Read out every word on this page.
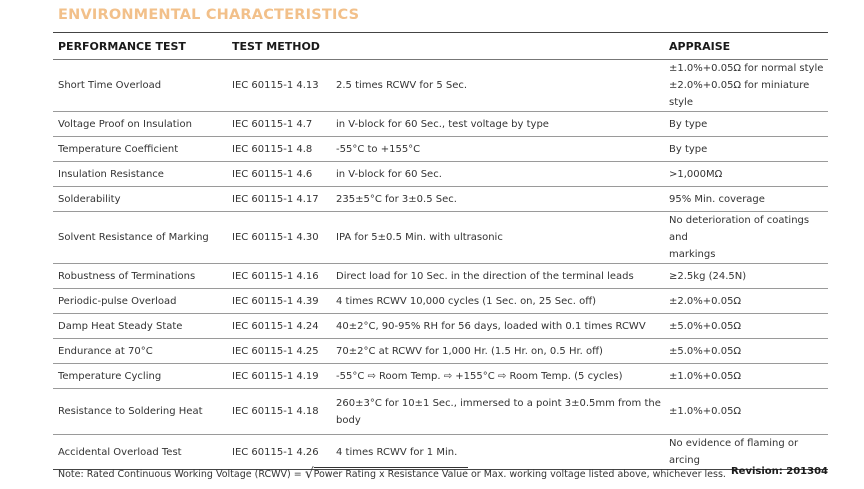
ENVIRONMENTAL CHARACTERISTICS
PERFORMANCE TEST	TEST METHOD		APPRAISE
Short Time Overload	IEC 60115-1 4.13	2.5 times RCWV for 5 Sec.	±1.0%+0.05Ω for normal style
±2.0%+0.05Ω for miniature style

Voltage Proof on Insulation	IEC 60115-1 4.7	in V-block for 60 Sec., test voltage by type	By type

Temperature Coefficient	IEC 60115-1 4.8	-55°C to +155°C	By type

Insulation Resistance	IEC 60115-1 4.6	in V-block for 60 Sec.	>1,000MΩ

Solderability	IEC 60115-1 4.17	235±5°C for 3±0.5 Sec.	95% Min. coverage

Solvent Resistance of Marking	IEC 60115-1 4.30	IPA for 5±0.5 Min. with ultrasonic	No deterioration of coatings and
markings

Robustness of Terminations	IEC 60115-1 4.16	Direct load for 10 Sec. in the direction of the terminal leads	≥2.5kg (24.5N)

Periodic-pulse Overload	IEC 60115-1 4.39	4 times RCWV 10,000 cycles (1 Sec. on, 25 Sec. off)	±2.0%+0.05Ω

Damp Heat Steady State	IEC 60115-1 4.24	40±2°C, 90-95% RH for 56 days, loaded with 0.1 times RCWV	±5.0%+0.05Ω

Endurance at 70°C	IEC 60115-1 4.25	70±2°C at RCWV for 1,000 Hr. (1.5 Hr. on, 0.5 Hr. off)	±5.0%+0.05Ω

Temperature Cycling	IEC 60115-1 4.19	-55°C ⇨ Room Temp. ⇨ +155°C ⇨ Room Temp. (5 cycles)	±1.0%+0.05Ω

Resistance to Soldering Heat	IEC 60115-1 4.18	260±3°C for 10±1 Sec., immersed to a point 3±0.5mm from the body	±1.0%+0.05Ω

Accidental Overload Test	IEC 60115-1 4.26	4 times RCWV for 1 Min.	No evidence of flaming or arcing
Note: Rated Continuous Working Voltage (RCWV) = √Power Rating x Resistance Value or Max. working voltage listed above, whichever less. Revision: 201304
